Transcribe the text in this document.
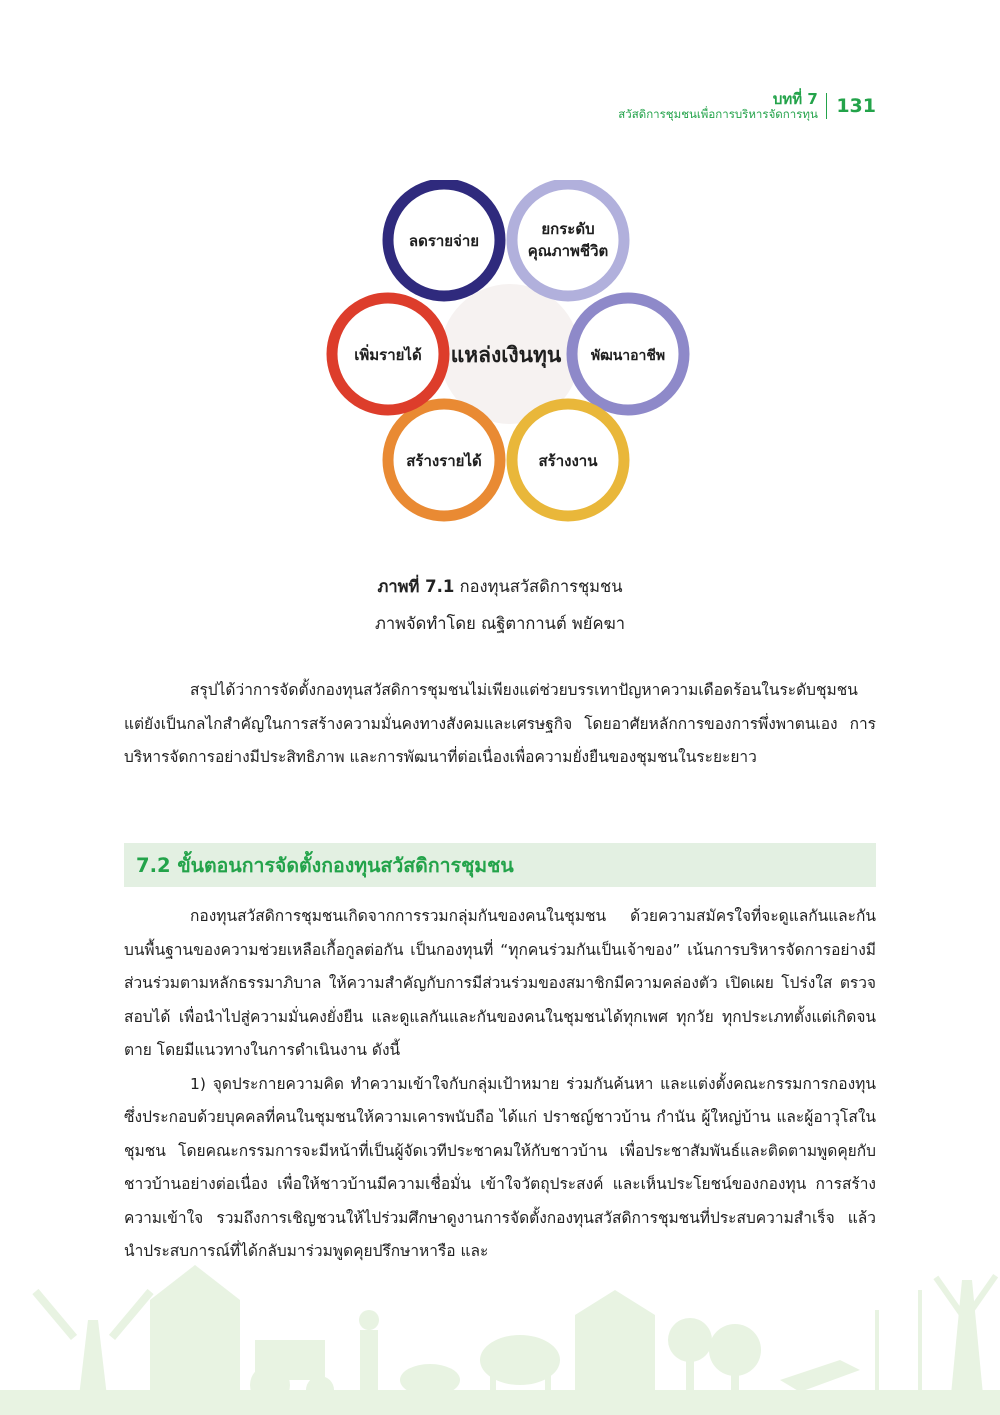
บทที่ 7
สวัสดิการชุมชนเพื่อการบริหารจัดการทุน 131
ลดรายจ่าย
ยกระดับ
คุณภาพชีวิต
พัฒนาอาชีพ
สร้างงาน
สร้างรายได้
เพิ่มรายได้ แหล่งเงินทุน
ภาพที่ 7.1 กองทุนสวัสดิการชุมชน
ภาพจัดทำโดย ณฐิตากานต์ พยัคฆา

สรุปได้ว่าการจัดตั้งกองทุนสวัสดิการชุมชนไม่เพียงแต่ช่วยบรรเทาปัญหาความเดือดร้อนในระดับชุมชน แต่ยังเป็นกลไกสำคัญในการสร้างความมั่นคงทางสังคมและเศรษฐกิจ โดยอาศัยหลักการของการพึ่งพาตนเอง การบริหารจัดการอย่างมีประสิทธิภาพ และการพัฒนาที่ต่อเนื่องเพื่อความยั่งยืนของชุมชนในระยะยาว

7.2 ขั้นตอนการจัดตั้งกองทุนสวัสดิการชุมชน

กองทุนสวัสดิการชุมชนเกิดจากการรวมกลุ่มกันของคนในชุมชน ด้วยความสมัครใจที่จะดูแลกันและกันบนพื้นฐานของความช่วยเหลือเกื้อกูลต่อกัน เป็นกองทุนที่ “ทุกคนร่วมกันเป็นเจ้าของ” เน้นการบริหารจัดการอย่างมีส่วนร่วมตามหลักธรรมาภิบาล ให้ความสำคัญกับการมีส่วนร่วมของสมาชิกมีความคล่องตัว เปิดเผย โปร่งใส ตรวจสอบได้ เพื่อนำไปสู่ความมั่นคงยั่งยืน และดูแลกันและกันของคนในชุมชนได้ทุกเพศ ทุกวัย ทุกประเภทตั้งแต่เกิดจนตาย โดยมีแนวทางในการดำเนินงาน ดังนี้

1) จุดประกายความคิด ทำความเข้าใจกับกลุ่มเป้าหมาย ร่วมกันค้นหา และแต่งตั้งคณะกรรมการกองทุนซึ่งประกอบด้วยบุคคลที่คนในชุมชนให้ความเคารพนับถือ ได้แก่ ปราชญ์ชาวบ้าน กำนัน ผู้ใหญ่บ้าน และผู้อาวุโสในชุมชน โดยคณะกรรมการจะมีหน้าที่เป็นผู้จัดเวทีประชาคมให้กับชาวบ้าน เพื่อประชาสัมพันธ์และติดตามพูดคุยกับชาวบ้านอย่างต่อเนื่อง เพื่อให้ชาวบ้านมีความเชื่อมั่น เข้าใจวัตถุประสงค์ และเห็นประโยชน์ของกองทุน การสร้างความเข้าใจ รวมถึงการเชิญชวนให้ไปร่วมศึกษาดูงานการจัดตั้งกองทุนสวัสดิการชุมชนที่ประสบความสำเร็จ แล้วนำประสบการณ์ที่ได้กลับมาร่วมพูดคุยปรึกษาหารือ และ
